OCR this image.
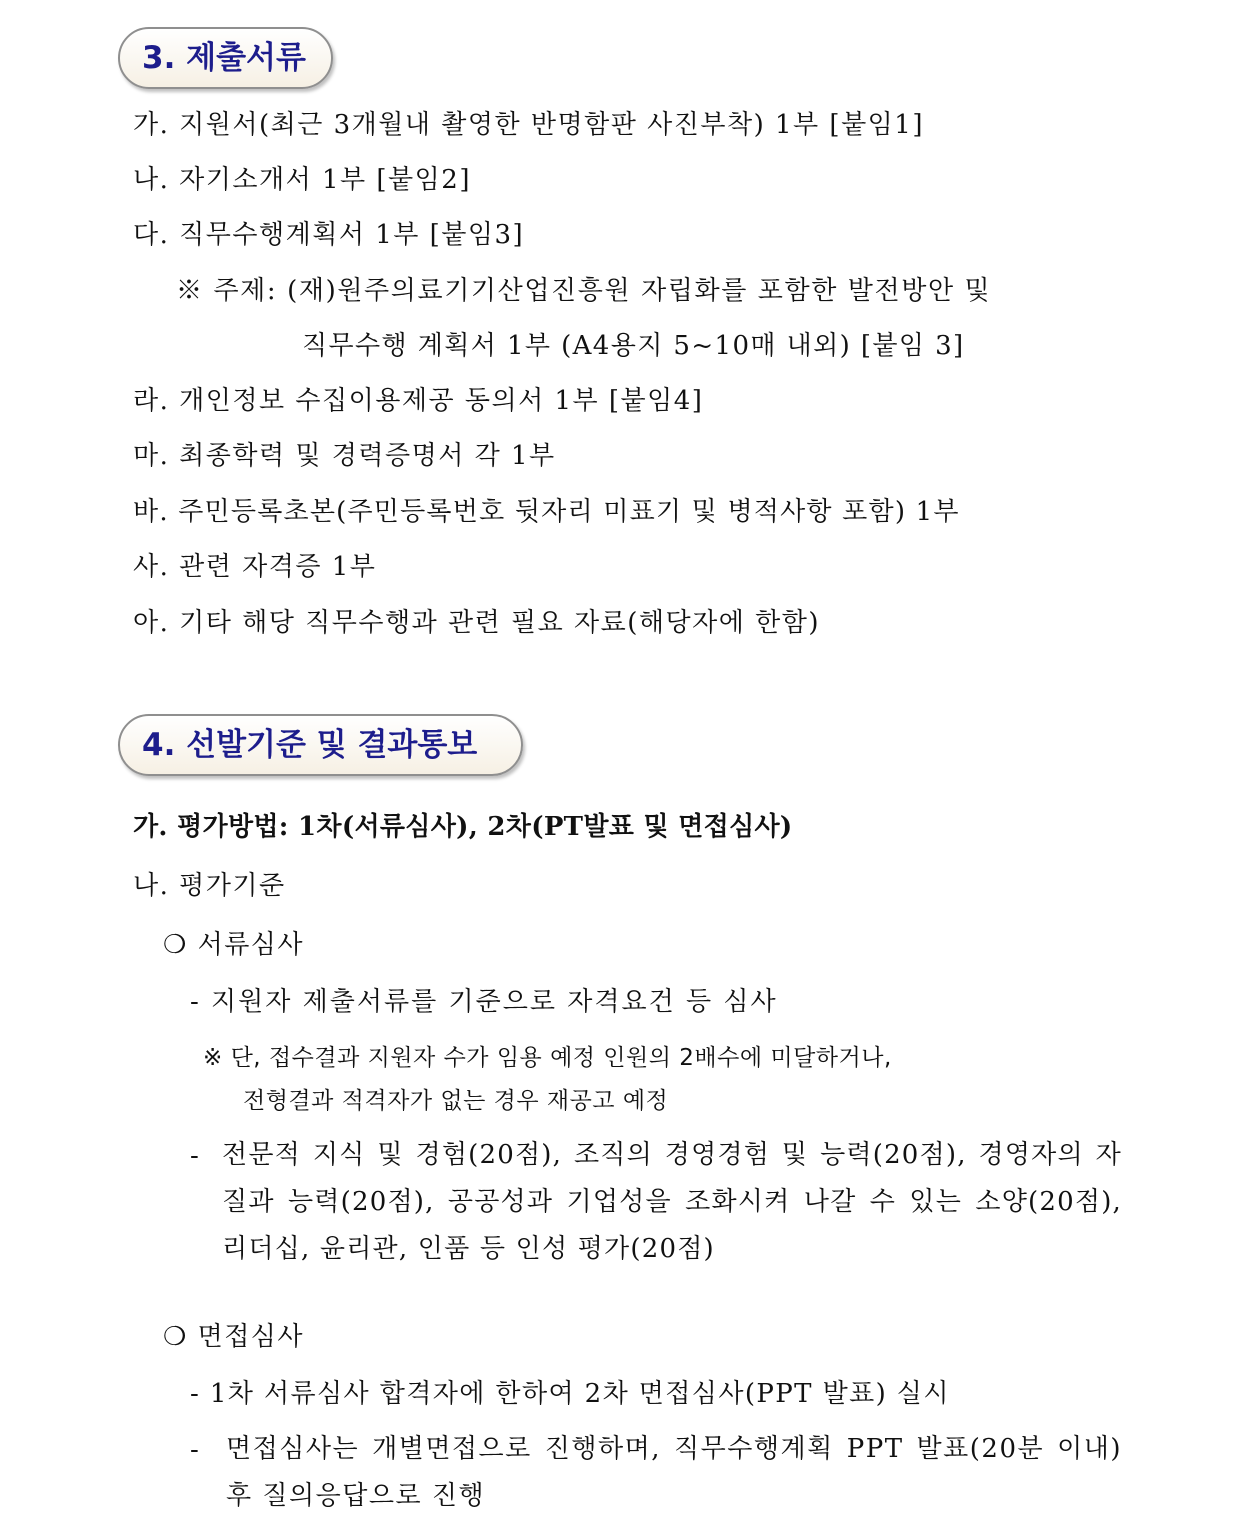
3. 제출서류
가. 지원서(최근 3개월내 촬영한 반명함판 사진부착) 1부 [붙임1]
나. 자기소개서 1부 [붙임2]
다. 직무수행계획서 1부 [붙임3]
※ 주제: (재)원주의료기기산업진흥원 자립화를 포함한 발전방안 및
직무수행 계획서 1부 (A4용지 5~10매 내외) [붙임 3]
라. 개인정보 수집이용제공 동의서 1부 [붙임4]
마. 최종학력 및 경력증명서 각 1부
바. 주민등록초본(주민등록번호 뒷자리 미표기 및 병적사항 포함) 1부
사. 관련 자격증 1부
아. 기타 해당 직무수행과 관련 필요 자료(해당자에 한함)
4. 선발기준 및 결과통보
가. 평가방법: 1차(서류심사), 2차(PT발표 및 면접심사)
나. 평가기준
❍ 서류심사
- 지원자 제출서류를 기준으로 자격요건 등 심사
※ 단, 접수결과 지원자 수가 임용 예정 인원의 2배수에 미달하거나,
전형결과 적격자가 없는 경우 재공고 예정
- 전문적 지식 및 경험(20점), 조직의 경영경험 및 능력(20점), 경영자의 자질과 능력(20점), 공공성과 기업성을 조화시켜 나갈 수 있는 소양(20점), 리더십, 윤리관, 인품 등 인성 평가(20점)
❍ 면접심사
- 1차 서류심사 합격자에 한하여 2차 면접심사(PPT 발표) 실시
- 면접심사는 개별면접으로 진행하며, 직무수행계획 PPT 발표(20분 이내) 후 질의응답으로 진행
